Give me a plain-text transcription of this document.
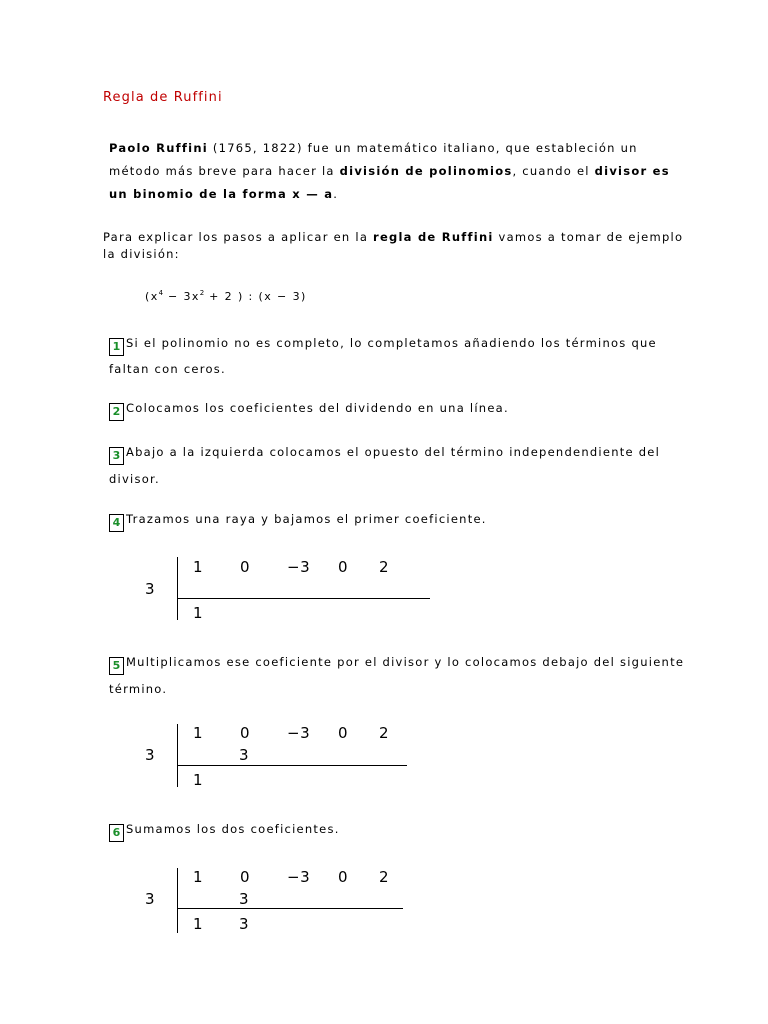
Regla de Ruffini
Paolo Ruffini (1765, 1822) fue un matemático italiano, que estableción un
método más breve para hacer la división de polinomios, cuando el divisor es
un binomio de la forma x — a.
Para explicar los pasos a aplicar en la regla de Ruffini vamos a tomar de ejemplo
la división:
($x^4 - 3x^2 + 2$ ) : (x − 3)
1 Si el polinomio no es completo, lo completamos añadiendo los términos que
faltan con ceros.
2 Colocamos los coeficientes del dividendo en una línea.
3 Abajo a la izquierda colocamos el opuesto del término independendiente del
divisor.
4 Trazamos una raya y bajamos el primer coeficiente.
3
1 0 −3 0 2
1
5 Multiplicamos ese coeficiente por el divisor y lo colocamos debajo del siguiente
término.
3
1 0 −3 0 2
3
1
6 Sumamos los dos coeficientes.
3
1 0 −3 0 2
3
1 3
